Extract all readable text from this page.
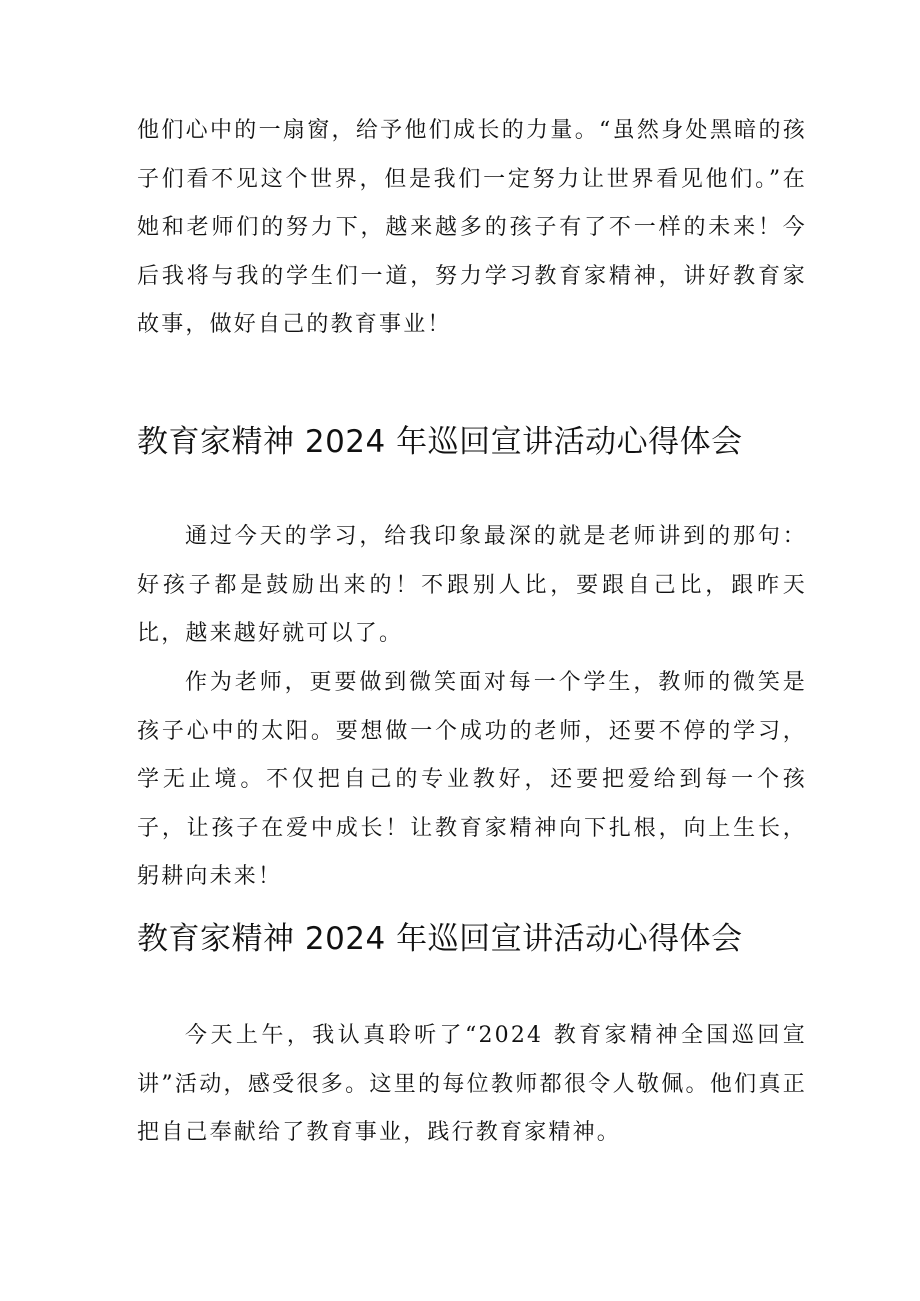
他们心中的一扇窗，给予他们成长的力量。“虽然身处黑暗的孩子们看不见这个世界，但是我们一定努力让世界看见他们。”在她和老师们的努力下，越来越多的孩子有了不一样的未来！今后我将与我的学生们一道，努力学习教育家精神，讲好教育家故事，做好自己的教育事业！

教育家精神 2024 年巡回宣讲活动心得体会

通过今天的学习，给我印象最深的就是老师讲到的那句：好孩子都是鼓励出来的！不跟别人比，要跟自己比，跟昨天比，越来越好就可以了。

作为老师，更要做到微笑面对每一个学生，教师的微笑是孩子心中的太阳。要想做一个成功的老师，还要不停的学习，学无止境。不仅把自己的专业教好，还要把爱给到每一个孩子，让孩子在爱中成长！让教育家精神向下扎根，向上生长，躬耕向未来！

教育家精神 2024 年巡回宣讲活动心得体会

今天上午，我认真聆听了“2024 教育家精神全国巡回宣讲”活动，感受很多。这里的每位教师都很令人敬佩。他们真正把自己奉献给了教育事业，践行教育家精神。
